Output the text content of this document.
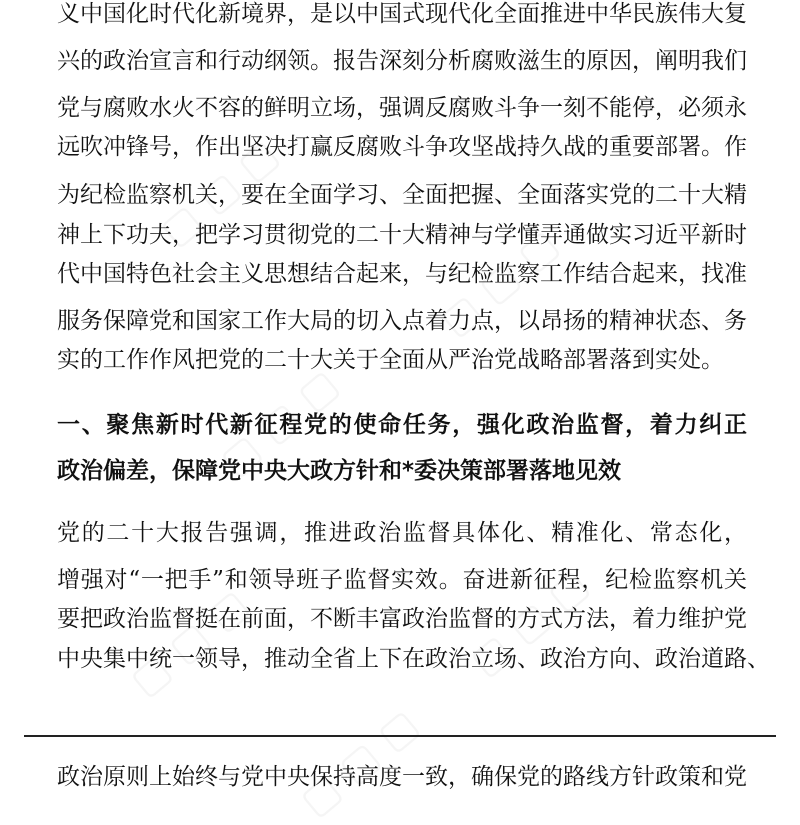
▢ ▢ ▢
▢ ▢ ▢
▢ ▢ ▢
▢ ▢ ▢	▢ ▢ ▢
▢ ▢ ▢
义中国化时代化新境界，是以中国式现代化全面推进中华民族伟大复
兴的政治宣言和行动纲领。报告深刻分析腐败滋生的原因，阐明我们
党与腐败水火不容的鲜明立场，强调反腐败斗争一刻不能停，必须永
远吹冲锋号，作出坚决打赢反腐败斗争攻坚战持久战的重要部署。作
为纪检监察机关，要在全面学习、全面把握、全面落实党的二十大精
神上下功夫，把学习贯彻党的二十大精神与学懂弄通做实习近平新时
代中国特色社会主义思想结合起来，与纪检监察工作结合起来，找准
服务保障党和国家工作大局的切入点着力点，以昂扬的精神状态、务
实的工作作风把党的二十大关于全面从严治党战略部署落到实处。
一、聚焦新时代新征程党的使命任务，强化政治监督，着力纠正
政治偏差，保障党中央大政方针和*委决策部署落地见效
党的二十大报告强调，推进政治监督具体化、精准化、常态化，
增强对“一把手”和领导班子监督实效。奋进新征程，纪检监察机关
要把政治监督挺在前面，不断丰富政治监督的方式方法，着力维护党
中央集中统一领导，推动全省上下在政治立场、政治方向、政治道路、
政治原则上始终与党中央保持高度一致，确保党的路线方针政策和党
